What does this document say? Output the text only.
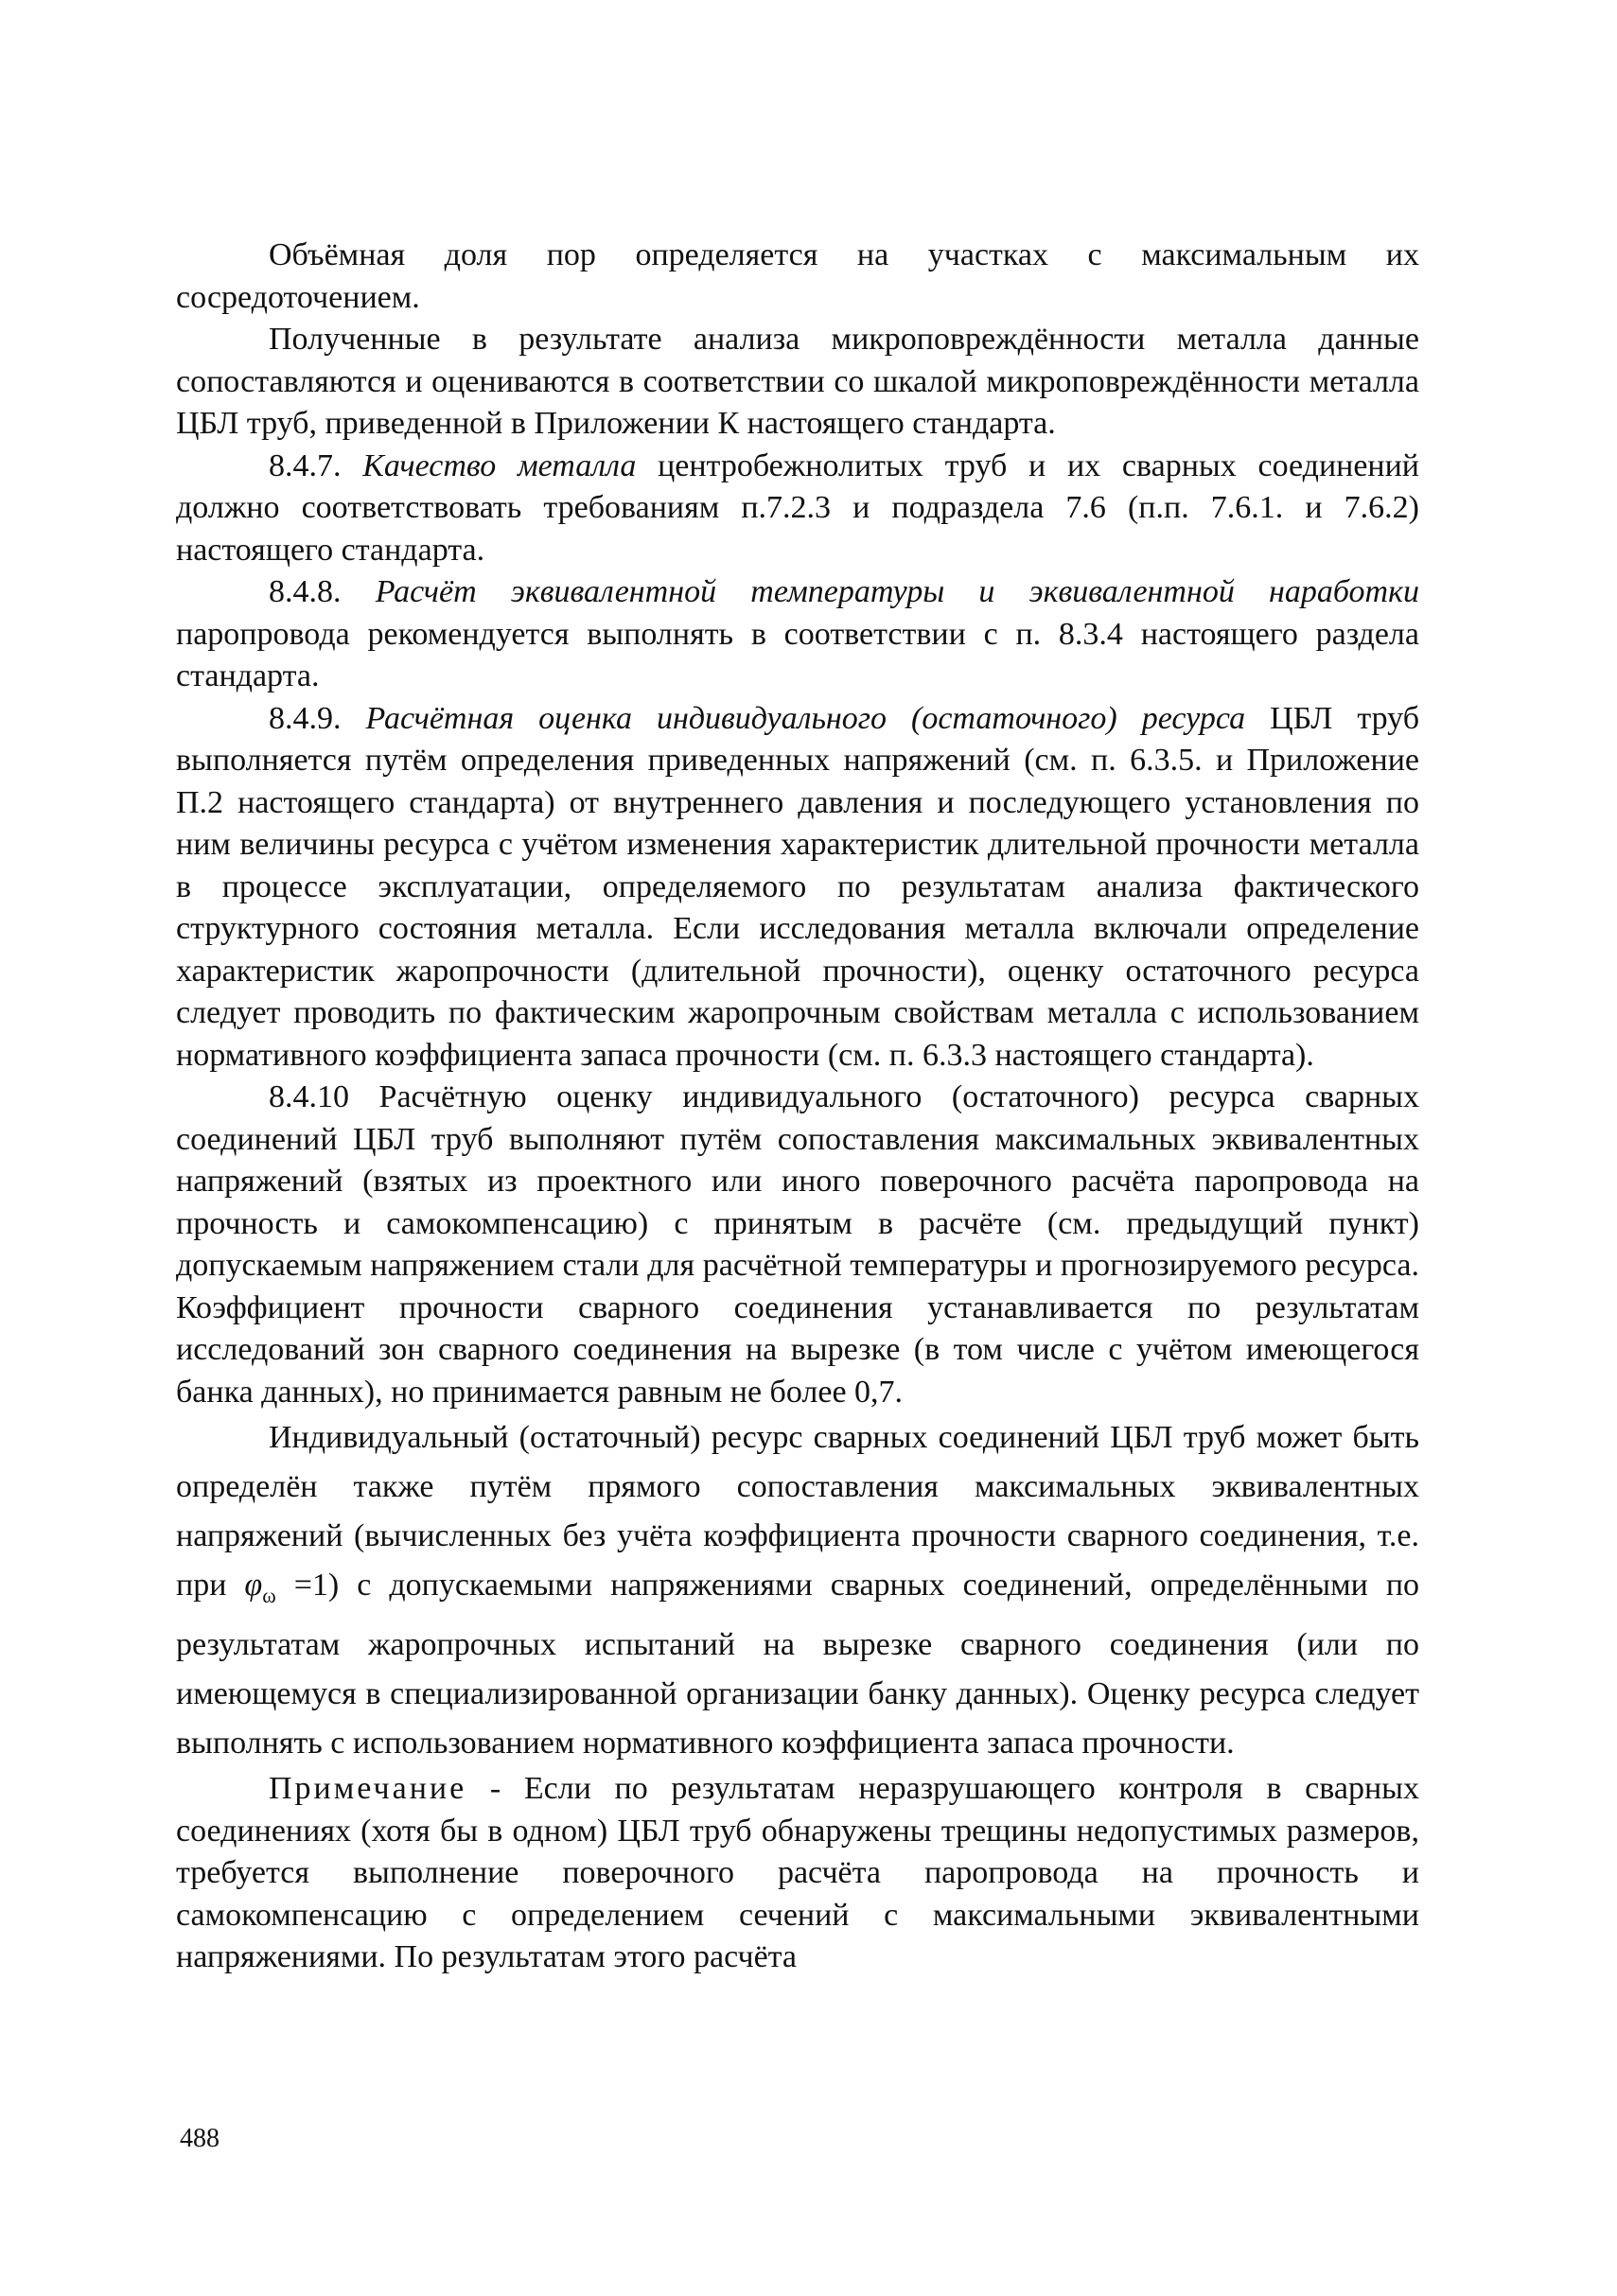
Объёмная доля пор определяется на участках с максимальным их сосредоточением.

Полученные в результате анализа микроповреждённости металла данные сопоставляются и оцениваются в соответствии со шкалой микроповреждённости металла ЦБЛ труб, приведенной в Приложении К настоящего стандарта.

8.4.7. Качество металла центробежнолитых труб и их сварных соединений должно соответствовать требованиям п.7.2.3 и подраздела 7.6 (п.п. 7.6.1. и 7.6.2) настоящего стандарта.

8.4.8. Расчёт эквивалентной температуры и эквивалентной наработки паропровода рекомендуется выполнять в соответствии с п. 8.3.4 настоящего раздела стандарта.

8.4.9. Расчётная оценка индивидуального (остаточного) ресурса ЦБЛ труб выполняется путём определения приведенных напряжений (см. п. 6.3.5. и Приложение П.2 настоящего стандарта) от внутреннего давления и последующего установления по ним величины ресурса с учётом изменения характеристик длительной прочности металла в процессе эксплуатации, определяемого по результатам анализа фактического структурного состояния металла. Если исследования металла включали определение характеристик жаропрочности (длительной прочности), оценку остаточного ресурса следует проводить по фактическим жаропрочным свойствам металла с использованием нормативного коэффициента запаса прочности (см. п. 6.3.3 настоящего стандарта).

8.4.10 Расчётную оценку индивидуального (остаточного) ресурса сварных соединений ЦБЛ труб выполняют путём сопоставления максимальных эквивалентных напряжений (взятых из проектного или иного поверочного расчёта паропровода на прочность и самокомпенсацию) с принятым в расчёте (см. предыдущий пункт) допускаемым напряжением стали для расчётной температуры и прогнозируемого ресурса. Коэффициент прочности сварного соединения устанавливается по результатам исследований зон сварного соединения на вырезке (в том числе с учётом имеющегося банка данных), но принимается равным не более 0,7.

Индивидуальный (остаточный) ресурс сварных соединений ЦБЛ труб может быть определён также путём прямого сопоставления максимальных эквивалентных напряжений (вычисленных без учёта коэффициента прочности сварного соединения, т.е. при $\varphi_\omega =1$) с допускаемыми напряжениями сварных соединений, определёнными по результатам жаропрочных испытаний на вырезке сварного соединения (или по имеющемуся в специализированной организации банку данных). Оценку ресурса следует выполнять с использованием нормативного коэффициента запаса прочности.

Примечание - Если по результатам неразрушающего контроля в сварных соединениях (хотя бы в одном) ЦБЛ труб обнаружены трещины недопустимых размеров, требуется выполнение поверочного расчёта паропровода на прочность и самокомпенсацию с определением сечений с максимальными эквивалентными напряжениями. По результатам этого расчёта

488
